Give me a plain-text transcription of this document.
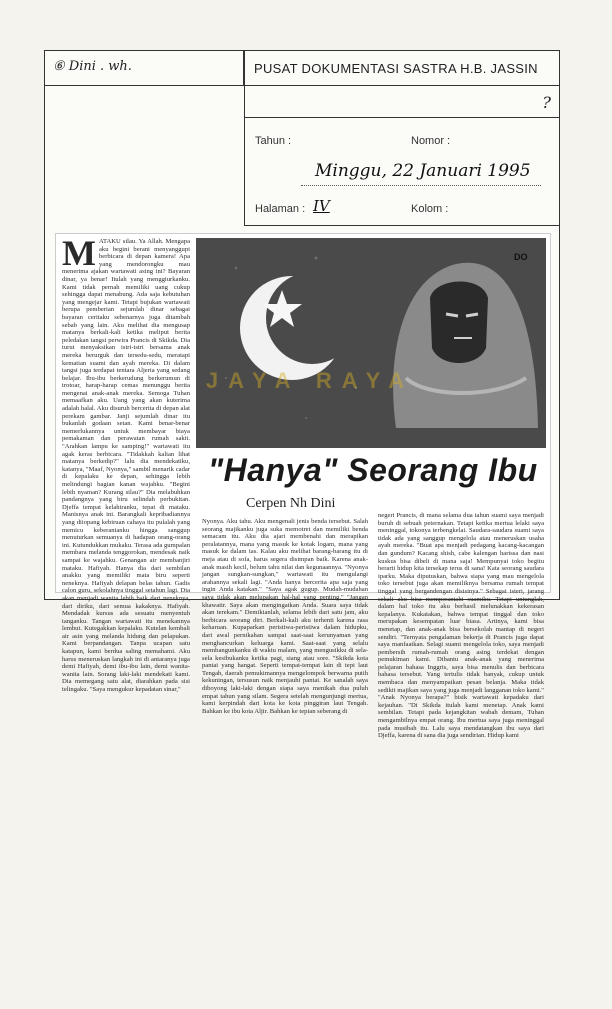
⑥ Dini . wh.	PUSAT DOKUMENTASI SASTRA H.B. JASSIN
?
Tahun :	Nomor :
Minggu, 22 Januari 1995
Halaman : IV	Kolom :
DO
JAYA RAYA
"Hanya" Seorang Ibu
Cerpen Nh Dini
MATAKU silau. Ya Allah. Mengapa aku begini berani menyanggupi berbicara di depan kamera! Apa yang mendorongku mau menerima ajakan wartawati asing ini? Bayaran dinar, ya benar! Itulah yang menggiurkanku. Kami tidak pernah memiliki uang cukup sehingga dapat menabung. Ada saja kebutuhan yang mengejar kami. Tetapi bujukan wartawati berupa pemberian sejumlah dinar sebagai bayaran ceritaku sebenarnya juga ditambah sebab yang lain. Aku melihat dia mengusap matanya berkali-kali ketika meliput berita peledakan tangsi perwira Prancis di Skikda. Dia turut menyaksikan istri-istri bersama anak mereka berurguk dan tersedu-sedu, meratapi kematian suami dan ayah mereka. Di dalam tangsi juga terdapat tentara Aljeria yang sedang belajar. Ibu-ibu berkerudung berkerumun di trotoar, harap-harap cemas menunggu berita mengenai anak-anak mereka. Semoga Tuhan memaafkan aku. Uang yang akan kuterima adalah halal. Aku disuruh bercerita di depan alat perekam gambar. Janji sejumlah dinar itu bukanlah godaan setan. Kami benar-benar memerlukannya untuk membayar biaya pemakaman dan perawatan rumah sakit. "Arahkan lampu ke samping!" wartawati itu agak keras berbicara. "Tidakkah kalian lihat matanya berkedip?" lalu dia mendekatiku, katanya, "Maaf, Nyonya," sambil menarik cadar di kepalaku ke depan, sehingga lebih melindungi bagian kanan wajahku. "Begini lebih nyaman? Kurang silau?" Dia melabuhkan pandangnya yang biru selindah perbukitan. Djeffa tempat kelahiranku, tepat di mataku. Manisnya anak ini. Barangkali kepribadiannya yang diiopang kebiruan cahaya itu pulalah yang memicu keberanianku hingga sanggup menuturkan semuanya di hadapan orang-orang ini. Kutundukkan mukaku. Terasa ada gumpalan membara melanda tenggorokan, mendesak naik sampai ke wajahku. Genangan air membanjiri mataku. Hafiyah. Hanya dia dari sembilan anakku yang memiliki mata biru seperti neneknya. Hafiyah delapan belas tahun. Gadis calon guru, sekolahnya tinggal setahun lagi. Dia akan menjadi wanita lebih baik dari neneknya, dari diriku, dari semua kakaknya. Hafiyah. Mendadak kursus ada sesuatu menyentuh tanganku. Tangan wartawati itu menekannya lembut. Kutegakkan kepalaku. Kutelan kembali air asin yang melanda hidung dan pelapukan. Kami berpandangan. Tanpa ucapan satu katapun, kami berdua saling memahami. Aku harus meneruskan langkah ini di antaranya juga demi Hafiyah, demi ibu-ibu lain, demi wanita-wanita lain. Sorang laki-laki mendekati kami. Dia memegang satu alat, diarahkan pada sisi telingaku. "Saya mengukur kepadatan sinar,"
Nyonya. Aku tahu. Aku mengenali jenis benda tersebut. Salah seorang majikanku juga suka memotret dan memiliki benda semacam itu. Aku dia ajari membenahi dan merapikan peralatannya, mana yang masuk ke kotak logam, mana yang masuk ke dalam tas. Kalau aku melihat barang-barang itu di meja atau di sofa, harus segera disimpan baik. Karena anak-anak masih kecil, belum tahu nilai dan kegunaannya. "Nyonya jangan sungkan-sungkan," wartawati itu mengulangi arahannya sekali lagi. "Anda hanya bercerita apa saja yang ingin Anda katakan." "Saya agak gugup. Mudah-mudahan saya tidak akan melupakan hal-hal yang penting." "Jangan khawatir. Saya akan mengingatkan Anda. Suara saya tidak akan terekam." Demikianlah, selama lebih dari satu jam, aku berbicara seorang diri. Berkali-kali aku terhenti karena rasa keharuan. Kupaparkan peristiwa-peristiwa dalam hidupku, dari awal pernikahan sampai saat-saat kerunyaman yang menghancurkan keluarga kami. Saat-saat yang selalu membangunkanku di waktu malam, yang mengusikku di sela-sela kesibukanku ketika pagi, siang atau sore. "Skikda kota pantai yang hangat. Seperti tempat-tempat lain di tepi laut Tengah, daerah pemukimannya mengelompok berwarna putih kekuningan, tersusun naik menjauhi pantai. Ke sanalah saya diboyong laki-laki dengan siapa saya menikah dua puluh empat tahun yang silam. Segera setelah mengunjungi mertua, kami kerpindah dari kota ke kota pinggiran laut Tengah. Bahkan ke ibu kota Aljir. Bahkan ke tepian seberang di
negeri Prancis, di mana selama dua tahun suami saya menjadi buruh di sebuah peternakan. Tetapi ketika mertua lelaki saya meninggal, tokonya terbengkelai. Saudara-saudara suami saya tidak ada yang sanggup mengelola atau meneruskan usaha ayah mereka. "Buat apa menjadi pedagang kacang-kacangan dan gundum? Kacang shish, cabe kalengan harissa dan nasi kuskus bisa dibeli di mana saja! Mempunyai toko begitu berarti hidup kita tersekap terus di sana! Kata seorang saudara iparku. Maka diputuskan, bahwa siapa yang mau mengelola toko tersebut juga akan memiliknya bersama rumah tempat tinggal yang bergandengan disisinya." Sebagai isteri, jarang sekali aku bisa memperantahi suamiku. Tetapi untunglah, dalam hal toko itu aku berhasil melunakkan kekerasan kepalanya. Kukatakan, bahwa tempat tinggal dan toko merupakan kesempatan luar biasa. Artinya, kami bisa menetap, dan anak-anak bisa bersekolah mantap di negeri sendiri. "Ternyata pengalaman bekerja di Prancis juga dapat saya manfaatkan. Selagi suami mengelola toko, saya menjadi pembersih rumah-rumah orang asing terdekat dengan pemukiman kami. Dibantu anak-anak yang menerima pelajaran bahasa Inggris, saya bisa menulis dan berbicara bahasa tersebut. Yang tertulis tidak banyak, cukup untuk membaca dan menyampaikan pesan belanja. Maka tidak sedikit majikan saya yang juga menjadi langganan toko kami." "Anak Nyonya berapa?" bisik wartawati kepadaku dari kejauhan. "Di Skikda itulah kami menetap. Anak kami sembilan. Tetapi pada kejangkitan wabah demam, Tuhan mengambilnya empat orang. Ibu mertua saya juga meninggal pada musibah itu. Lalu saya mendatangkan ibu saya dari Djeffa, karena di sana dia juga sendirian. Hidup kami
